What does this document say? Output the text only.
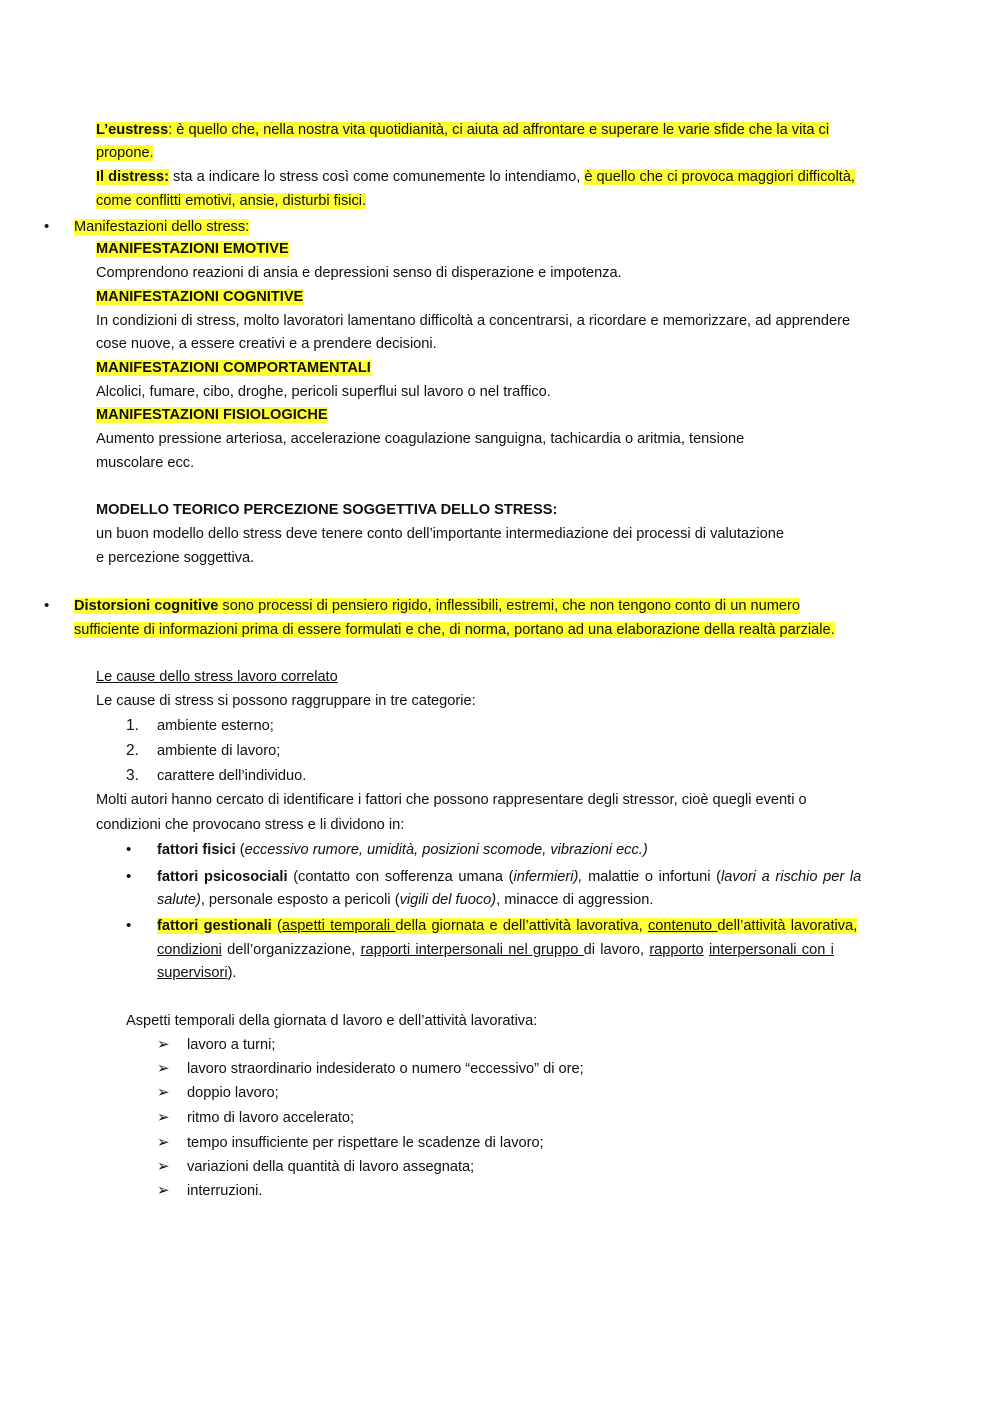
L’eustress: è quello che, nella nostra vita quotidianità, ci aiuta ad affrontare e superare le varie sfide che la vita ci
propone.
Il distress: sta a indicare lo stress così come comunemente lo intendiamo, è quello che ci provoca maggiori difficoltà,
come conflitti emotivi, ansie, disturbi fisici.
• Manifestazioni dello stress:
MANIFESTAZIONI EMOTIVE
Comprendono reazioni di ansia e depressioni senso di disperazione e impotenza.
MANIFESTAZIONI COGNITIVE
In condizioni di stress, molto lavoratori lamentano difficoltà a concentrarsi, a ricordare e memorizzare, ad apprendere
cose nuove, a essere creativi e a prendere decisioni.
MANIFESTAZIONI COMPORTAMENTALI
Alcolici, fumare, cibo, droghe, pericoli superflui sul lavoro o nel traffico.
MANIFESTAZIONI FISIOLOGICHE
Aumento pressione arteriosa, accelerazione coagulazione sanguigna, tachicardia o aritmia, tensione
muscolare ecc.
MODELLO TEORICO PERCEZIONE SOGGETTIVA DELLO STRESS:
un buon modello dello stress deve tenere conto dell’importante intermediazione dei processi di valutazione
e percezione soggettiva.
• Distorsioni cognitive sono processi di pensiero rigido, inflessibili, estremi, che non tengono conto di un numero
sufficiente di informazioni prima di essere formulati e che, di norma, portano ad una elaborazione della realtà parziale.
Le cause dello stress lavoro correlato
Le cause di stress si possono raggruppare in tre categorie:
1. ambiente esterno;
2. ambiente di lavoro;
3. carattere dell’individuo.
Molti autori hanno cercato di identificare i fattori che possono rappresentare degli stressor, cioè quegli eventi o
condizioni che provocano stress e li dividono in:
• fattori fisici (eccessivo rumore, umidità, posizioni scomode, vibrazioni ecc.)
• fattori psicosociali (contatto con sofferenza umana (infermieri), malattie o infortuni (lavori a rischio per la
salute), personale esposto a pericoli (vigili del fuoco), minacce di aggression.
• fattori gestionali (aspetti temporali della giornata e dell’attività lavorativa, contenuto dell’attività lavorativa,
condizioni dell’organizzazione, rapporti interpersonali nel gruppo di lavoro, rapporto interpersonali con i
supervisori).
Aspetti temporali della giornata d lavoro e dell’attività lavorativa:
➢ lavoro a turni;
➢ lavoro straordinario indesiderato o numero “eccessivo” di ore;
➢ doppio lavoro;
➢ ritmo di lavoro accelerato;
➢ tempo insufficiente per rispettare le scadenze di lavoro;
➢ variazioni della quantità di lavoro assegnata;
➢ interruzioni.
